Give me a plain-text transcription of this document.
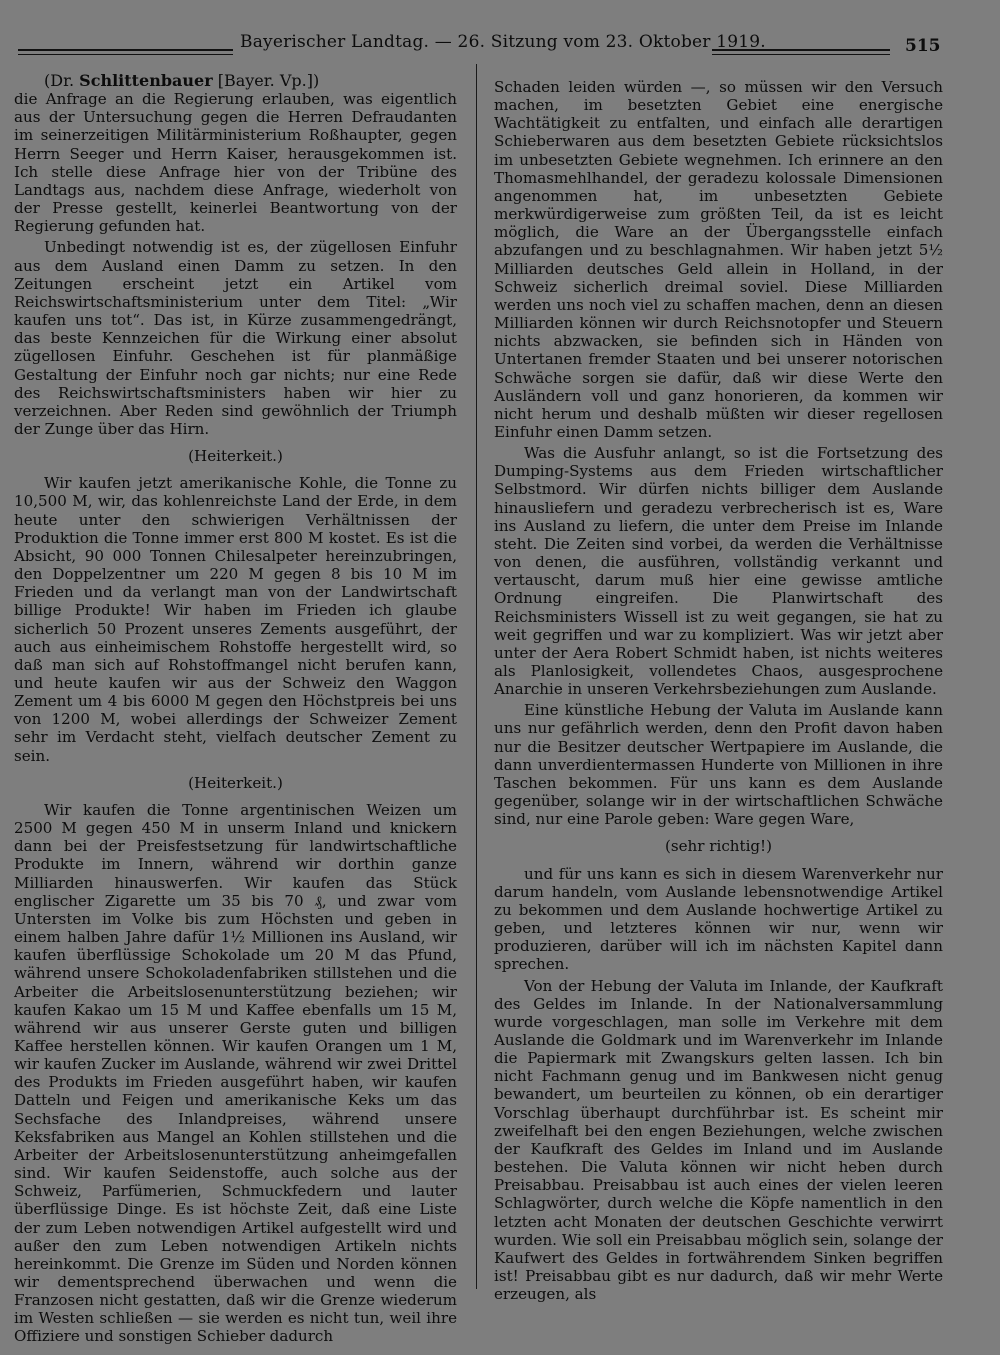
Bayerischer Landtag. — 26. Sitzung vom 23. Oktober 1919.	515

(Dr. Schlittenbauer [Bayer. Vp.])

die Anfrage an die Regierung erlauben, was eigentlich aus der Untersuchung gegen die Herren Defraudanten im seinerzeitigen Militärministerium Roßhaupter, gegen Herrn Seeger und Herrn Kaiser, herausgekommen ist. Ich stelle diese Anfrage hier von der Tribüne des Landtags aus, nachdem diese Anfrage, wiederholt von der Presse gestellt, keinerlei Beantwortung von der Regierung gefunden hat.

Unbedingt notwendig ist es, der zügellosen Einfuhr aus dem Ausland einen Damm zu setzen. In den Zeitungen erscheint jetzt ein Artikel vom Reichswirtschaftsministerium unter dem Titel: „Wir kaufen uns tot“. Das ist, in Kürze zusammengedrängt, das beste Kennzeichen für die Wirkung einer absolut zügellosen Einfuhr. Geschehen ist für planmäßige Gestaltung der Einfuhr noch gar nichts; nur eine Rede des Reichswirtschaftsministers haben wir hier zu verzeichnen. Aber Reden sind gewöhnlich der Triumph der Zunge über das Hirn.

(Heiterkeit.)

Wir kaufen jetzt amerikanische Kohle, die Tonne zu 10,500 M, wir, das kohlenreichste Land der Erde, in dem heute unter den schwierigen Verhältnissen der Produktion die Tonne immer erst 800 M kostet. Es ist die Absicht, 90 000 Tonnen Chilesalpeter hereinzubringen, den Doppelzentner um 220 M gegen 8 bis 10 M im Frieden und da verlangt man von der Landwirtschaft billige Produkte! Wir haben im Frieden ich glaube sicherlich 50 Prozent unseres Zements ausgeführt, der auch aus einheimischem Rohstoffe hergestellt wird, so daß man sich auf Rohstoffmangel nicht berufen kann, und heute kaufen wir aus der Schweiz den Waggon Zement um 4 bis 6000 M gegen den Höchstpreis bei uns von 1200 M, wobei allerdings der Schweizer Zement sehr im Verdacht steht, vielfach deutscher Zement zu sein.

(Heiterkeit.)

Wir kaufen die Tonne argentinischen Weizen um 2500 M gegen 450 M in unserm Inland und knickern dann bei der Preisfestsetzung für landwirtschaftliche Produkte im Innern, während wir dorthin ganze Milliarden hinauswerfen. Wir kaufen das Stück englischer Zigarette um 35 bis 70 ₰, und zwar vom Untersten im Volke bis zum Höchsten und geben in einem halben Jahre dafür 1½ Millionen ins Ausland, wir kaufen überflüssige Schokolade um 20 M das Pfund, während unsere Schokoladenfabriken stillstehen und die Arbeiter die Arbeitslosenunterstützung beziehen; wir kaufen Kakao um 15 M und Kaffee ebenfalls um 15 M, während wir aus unserer Gerste guten und billigen Kaffee herstellen können. Wir kaufen Orangen um 1 M, wir kaufen Zucker im Auslande, während wir zwei Drittel des Produkts im Frieden ausgeführt haben, wir kaufen Datteln und Feigen und amerikanische Keks um das Sechsfache des Inlandpreises, während unsere Keksfabriken aus Mangel an Kohlen stillstehen und die Arbeiter der Arbeitslosenunterstützung anheimgefallen sind. Wir kaufen Seidenstoffe, auch solche aus der Schweiz, Parfümerien, Schmuckfedern und lauter überflüssige Dinge. Es ist höchste Zeit, daß eine Liste der zum Leben notwendigen Artikel aufgestellt wird und außer den zum Leben notwendigen Artikeln nichts hereinkommt. Die Grenze im Süden und Norden können wir dementsprechend überwachen und wenn die Franzosen nicht gestatten, daß wir die Grenze wiederum im Westen schließen — sie werden es nicht tun, weil ihre Offiziere und sonstigen Schieber dadurch

Schaden leiden würden —, so müssen wir den Versuch machen, im besetzten Gebiet eine energische Wachtätigkeit zu entfalten, und einfach alle derartigen Schieberwaren aus dem besetzten Gebiete rücksichtslos im unbesetzten Gebiete wegnehmen. Ich erinnere an den Thomasmehlhandel, der geradezu kolossale Dimensionen angenommen hat, im unbesetzten Gebiete merkwürdigerweise zum größten Teil, da ist es leicht möglich, die Ware an der Übergangsstelle einfach abzufangen und zu beschlagnahmen. Wir haben jetzt 5½ Milliarden deutsches Geld allein in Holland, in der Schweiz sicherlich dreimal soviel. Diese Milliarden werden uns noch viel zu schaffen machen, denn an diesen Milliarden können wir durch Reichsnotopfer und Steuern nichts abzwacken, sie befinden sich in Händen von Untertanen fremder Staaten und bei unserer notorischen Schwäche sorgen sie dafür, daß wir diese Werte den Ausländern voll und ganz honorieren, da kommen wir nicht herum und deshalb müßten wir dieser regellosen Einfuhr einen Damm setzen.

Was die Ausfuhr anlangt, so ist die Fortsetzung des Dumping-Systems aus dem Frieden wirtschaftlicher Selbstmord. Wir dürfen nichts billiger dem Auslande hinausliefern und geradezu verbrecherisch ist es, Ware ins Ausland zu liefern, die unter dem Preise im Inlande steht. Die Zeiten sind vorbei, da werden die Verhältnisse von denen, die ausführen, vollständig verkannt und vertauscht, darum muß hier eine gewisse amtliche Ordnung eingreifen. Die Planwirtschaft des Reichsministers Wissell ist zu weit gegangen, sie hat zu weit gegriffen und war zu kompliziert. Was wir jetzt aber unter der Aera Robert Schmidt haben, ist nichts weiteres als Planlosigkeit, vollendetes Chaos, ausgesprochene Anarchie in unseren Verkehrsbeziehungen zum Auslande.

Eine künstliche Hebung der Valuta im Auslande kann uns nur gefährlich werden, denn den Profit davon haben nur die Besitzer deutscher Wertpapiere im Auslande, die dann unverdientermassen Hunderte von Millionen in ihre Taschen bekommen. Für uns kann es dem Auslande gegenüber, solange wir in der wirtschaftlichen Schwäche sind, nur eine Parole geben: Ware gegen Ware,

(sehr richtig!)

und für uns kann es sich in diesem Warenverkehr nur darum handeln, vom Auslande lebensnotwendige Artikel zu bekommen und dem Auslande hochwertige Artikel zu geben, und letzteres können wir nur, wenn wir produzieren, darüber will ich im nächsten Kapitel dann sprechen.

Von der Hebung der Valuta im Inlande, der Kaufkraft des Geldes im Inlande. In der Nationalversammlung wurde vorgeschlagen, man solle im Verkehre mit dem Auslande die Goldmark und im Warenverkehr im Inlande die Papiermark mit Zwangskurs gelten lassen. Ich bin nicht Fachmann genug und im Bankwesen nicht genug bewandert, um beurteilen zu können, ob ein derartiger Vorschlag überhaupt durchführbar ist. Es scheint mir zweifelhaft bei den engen Beziehungen, welche zwischen der Kaufkraft des Geldes im Inland und im Auslande bestehen. Die Valuta können wir nicht heben durch Preisabbau. Preisabbau ist auch eines der vielen leeren Schlagwörter, durch welche die Köpfe namentlich in den letzten acht Monaten der deutschen Geschichte verwirrt wurden. Wie soll ein Preisabbau möglich sein, solange der Kaufwert des Geldes in fortwährendem Sinken begriffen ist! Preisabbau gibt es nur dadurch, daß wir mehr Werte erzeugen, als
